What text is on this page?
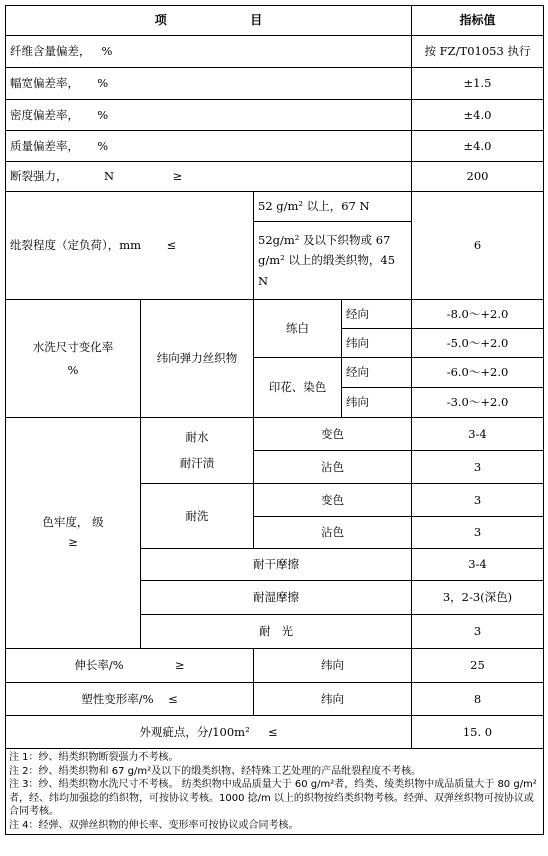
项                    目				指标值
纤维含量偏差，   %				按 FZ/T01053 执行
幅宽偏差率，     %				±1.5
密度偏差率，     %				±4.0
质量偏差率，     %				±4.0
断裂强力，          N                ≥				200
纰裂程度（定负荷），mm       ≤		52 g/m² 以上，67 N		6
		52g/m² 及以下织物或 67 g/m² 以上的缎类织物，45 N		
水洗尺寸变化率
%	纬向弹力丝织物	练白	经向	-8.0～+2.0
			纬向	-5.0～+2.0
		印花、染色	经向	-6.0～+2.0
			纬向	-3.0～+2.0
色牢度， 级
≥	耐水
耐汗渍	变色		3-4
		沾色		3
	耐洗	变色		3
		沾色		3
	耐干摩擦			3-4
	耐湿摩擦			3，2-3(深色)
	耐   光			3
伸长率/%              ≥		纬向		25
塑性变形率/%    ≤		纬向		8
外观疵点，分/100m²     ≤				15. 0

注 1：纱、绢类织物断裂强力不考核。
注 2：纱、绢类织物和 67 g/m²及以下的缎类织物、经特殊工艺处理的产品纰裂程度不考核。
注 3：纱、绢类织物水洗尺寸不考核。 纺类织物中成品质量大于 60 g/m²者，绉类、绫类织物中成品质量大于 80 g/m²者，经、纬均加强捻的绉织物，可按协议考核。1000 捻/m 以上的织物按绉类织物考核。经弹、双弹丝织物可按协议或合同考核。
注 4：经弹、双弹丝织物的伸长率、变形率可按协议或合同考核。				
